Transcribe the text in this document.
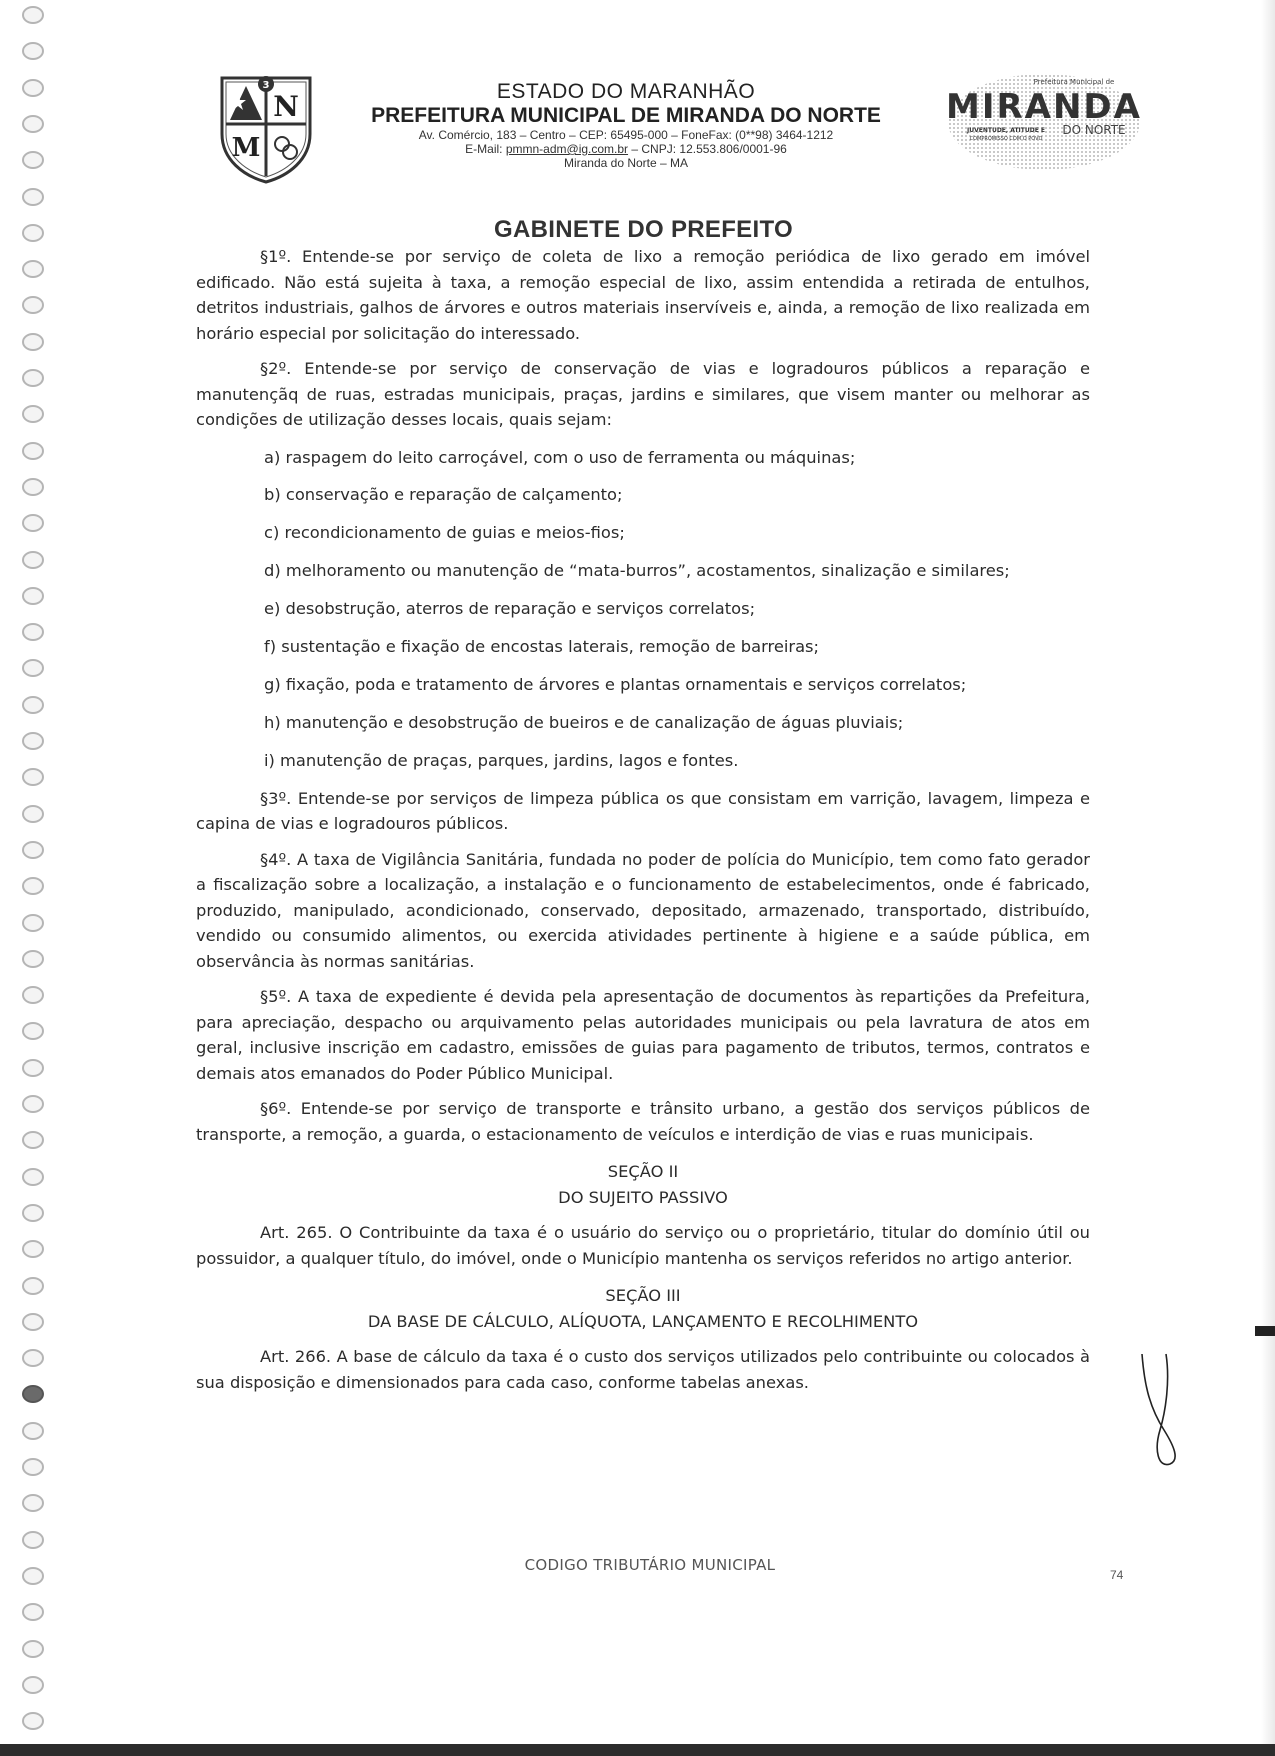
3
N
M
ESTADO DO MARANHÃO
PREFEITURA MUNICIPAL DE MIRANDA DO NORTE
Av. Comércio, 183 – Centro – CEP: 65495-000 – FoneFax: (0**98) 3464-1212
E-Mail: pmmn-adm@ig.com.br – CNPJ: 12.553.806/0001-96
Miranda do Norte – MA
Prefeitura Municipal de
MIRANDA
JUVENTUDE, ATITUDE E
COMPROMISSO COM O POVO
DO NORTE
GABINETE DO PREFEITO

§1º. Entende-se por serviço de coleta de lixo a remoção periódica de lixo gerado em imóvel edificado. Não está sujeita à taxa, a remoção especial de lixo, assim entendida a retirada de entulhos, detritos industriais, galhos de árvores e outros materiais inservíveis e, ainda, a remoção de lixo realizada em horário especial por solicitação do interessado.

§2º. Entende-se por serviço de conservação de vias e logradouros públicos a reparação e manutençãq de ruas, estradas municipais, praças, jardins e similares, que visem manter ou melhorar as condições de utilização desses locais, quais sejam:

a) raspagem do leito carroçável, com o uso de ferramenta ou máquinas;

b) conservação e reparação de calçamento;

c) recondicionamento de guias e meios-fios;

d) melhoramento ou manutenção de “mata-burros”, acostamentos, sinalização e similares;

e) desobstrução, aterros de reparação e serviços correlatos;

f) sustentação e fixação de encostas laterais, remoção de barreiras;

g) fixação, poda e tratamento de árvores e plantas ornamentais e serviços correlatos;

h) manutenção e desobstrução de bueiros e de canalização de águas pluviais;

i) manutenção de praças, parques, jardins, lagos e fontes.

§3º. Entende-se por serviços de limpeza pública os que consistam em varrição, lavagem, limpeza e capina de vias e logradouros públicos.

§4º. A taxa de Vigilância Sanitária, fundada no poder de polícia do Município, tem como fato gerador a fiscalização sobre a localização, a instalação e o funcionamento de estabelecimentos, onde é fabricado, produzido, manipulado, acondicionado, conservado, depositado, armazenado, transportado, distribuído, vendido ou consumido alimentos, ou exercida atividades pertinente à higiene e a saúde pública, em observância às normas sanitárias.

§5º. A taxa de expediente é devida pela apresentação de documentos às repartições da Prefeitura, para apreciação, despacho ou arquivamento pelas autoridades municipais ou pela lavratura de atos em geral, inclusive inscrição em cadastro, emissões de guias para pagamento de tributos, termos, contratos e demais atos emanados do Poder Público Municipal.

§6º. Entende-se por serviço de transporte e trânsito urbano, a gestão dos serviços públicos de transporte, a remoção, a guarda, o estacionamento de veículos e interdição de vias e ruas municipais.

SEÇÃO II

DO SUJEITO PASSIVO

Art. 265. O Contribuinte da taxa é o usuário do serviço ou o proprietário, titular do domínio útil ou possuidor, a qualquer título, do imóvel, onde o Município mantenha os serviços referidos no artigo anterior.

SEÇÃO III

DA BASE DE CÁLCULO, ALÍQUOTA, LANÇAMENTO E RECOLHIMENTO

Art. 266. A base de cálculo da taxa é o custo dos serviços utilizados pelo contribuinte ou colocados à sua disposição e dimensionados para cada caso, conforme tabelas anexas.

CODIGO TRIBUTÁRIO MUNICIPAL
74
